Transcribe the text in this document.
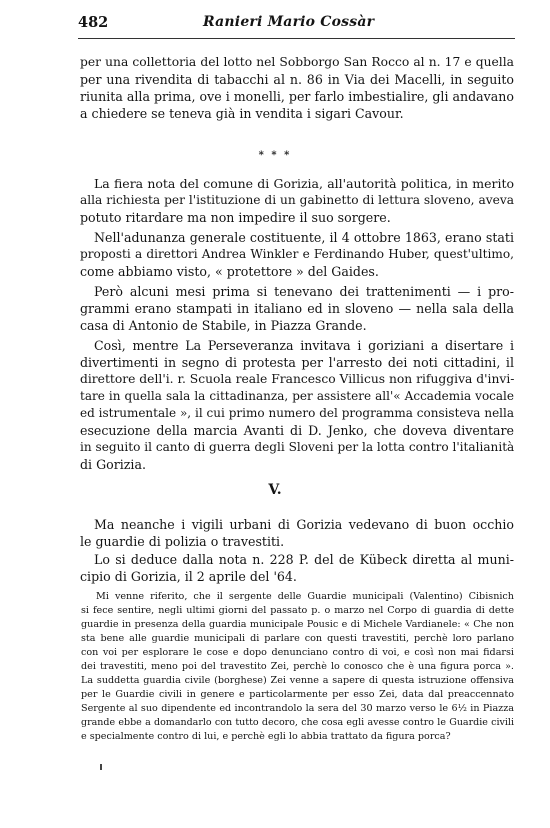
482	Ranieri Mario Cossàr
per una collettoria del lotto nel Sobborgo San Rocco al n. 17 e quella
per una rivendita di tabacchi al n. 86 in Via dei Macelli, in seguito
riunita alla prima, ove i monelli, per farlo imbestialire, gli andavano
a chiedere se teneva già in vendita i sigari Cavour.
* * *
La fiera nota del comune di Gorizia, all'autorità politica, in merito
alla richiesta per l'istituzione di un gabinetto di lettura sloveno, aveva
potuto ritardare ma non impedire il suo sorgere.
Nell'adunanza generale costituente, il 4 ottobre 1863, erano stati
proposti a direttori Andrea Winkler e Ferdinando Huber, quest'ultimo,
come abbiamo visto, « protettore » del Gaides.
Però alcuni mesi prima si tenevano dei trattenimenti — i pro-
grammi erano stampati in italiano ed in sloveno — nella sala della
casa di Antonio de Stabile, in Piazza Grande.
Così, mentre La Perseveranza invitava i goriziani a disertare i
divertimenti in segno di protesta per l'arresto dei noti cittadini, il
direttore dell'i. r. Scuola reale Francesco Villicus non rifuggiva d'invi-
tare in quella sala la cittadinanza, per assistere all'« Accademia vocale
ed istrumentale », il cui primo numero del programma consisteva nella
esecuzione della marcia Avanti di D. Jenko, che doveva diventare
in seguito il canto di guerra degli Sloveni per la lotta contro l'italianità
di Gorizia.
V.
Ma neanche i vigili urbani di Gorizia vedevano di buon occhio
le guardie di polizia o travestiti.
Lo si deduce dalla nota n. 228 P. del de Kübeck diretta al muni-
cipio di Gorizia, il 2 aprile del '64.
Mi venne riferito, che il sergente delle Guardie municipali (Valentino) Cibisnich
si fece sentire, negli ultimi giorni del passato p. o marzo nel Corpo di guardia di dette
guardie in presenza della guardia municipale Pousic e di Michele Vardianele: « Che non
sta bene alle guardie municipali di parlare con questi travestiti, perchè loro parlano
con voi per esplorare le cose e dopo denunciano contro di voi, e così non mai fidarsi
dei travestiti, meno poi del travestito Zei, perchè lo conosco che è una figura porca ».
La suddetta guardia civile (borghese) Zei venne a sapere di questa istruzione offensiva
per le Guardie civili in genere e particolarmente per esso Zei, data dal preaccennato
Sergente al suo dipendente ed incontrandolo la sera del 30 marzo verso le 6½ in Piazza
grande ebbe a domandarlo con tutto decoro, che cosa egli avesse contro le Guardie civili
e specialmente contro di lui, e perchè egli lo abbia trattato da figura porca?
